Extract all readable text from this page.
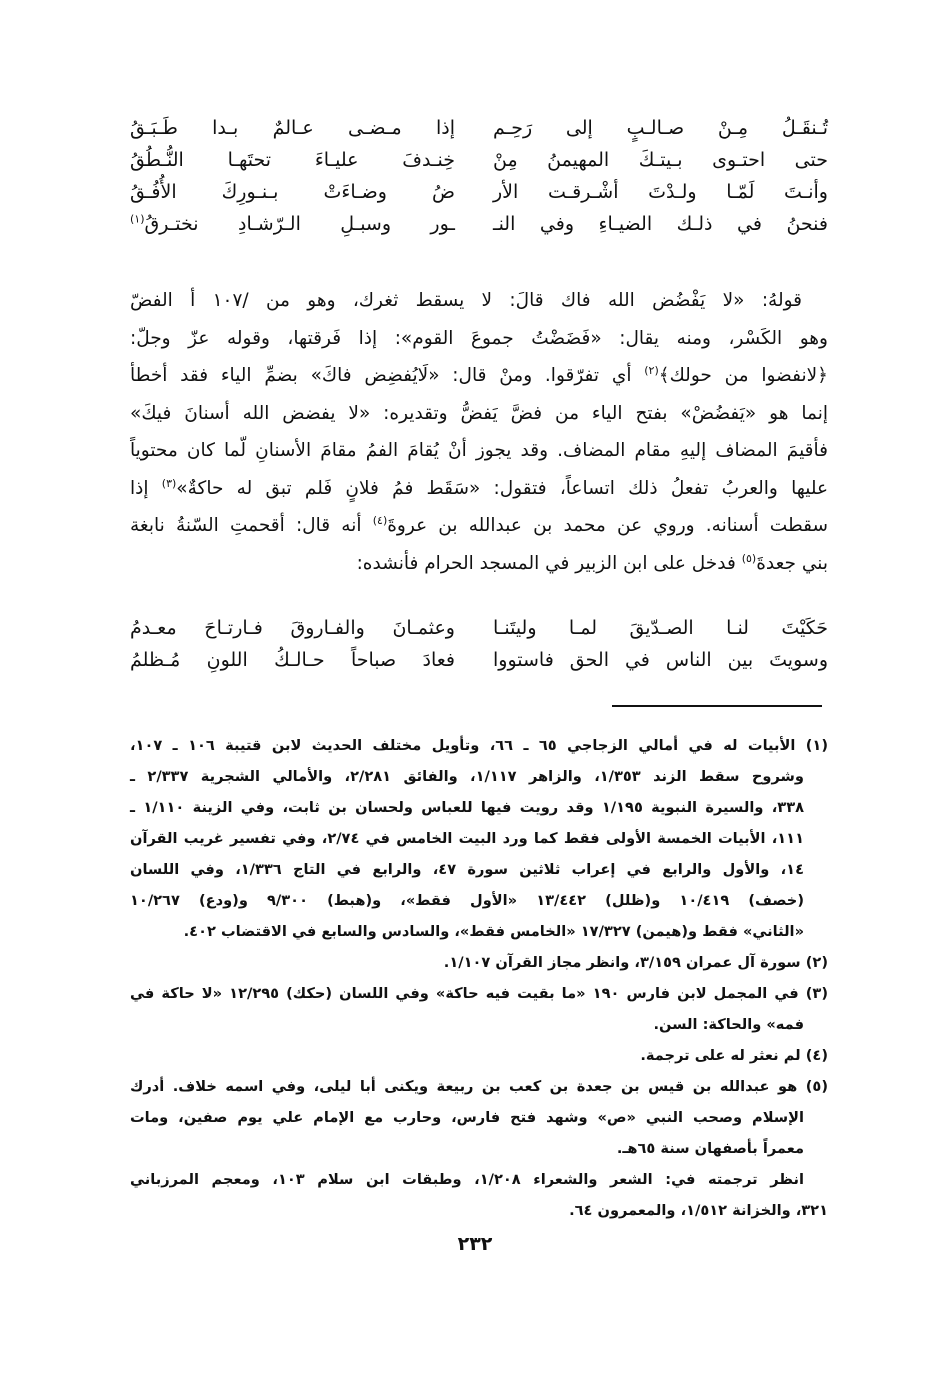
تُـنقَـلُ مِـنْ صـالـبٍ إلى رَحِـم
إذا مـضـى عـالمٌ بـدا طَـبَـقُ
حتى احتـوى بـيتـكَ المهيمنُ مِنْ
خِنـدفَ عليـاءَ تحتَهـا النُّـطُقُ
وأنـتَ لَمّـا ولـدْتَ أشْـرقـت الأر
ضُ وضـاءَتْ بـنـورِكَ الأُفُـقُ
فنحنُ في ذلـك الضيـاءِ وفي النـ
ـور وسبـلِ الـرّشـادِ نختـرقُ$^{(١)}$
قولهُ: «لا يَفْضُض الله فاك قالَ: لا يسقط ثغرك، وهو من /١٠٧ أ الفضّ
وهو الكَسْر، ومنه يقال: «فَضَضْتُ جموعَ القوم»: إذا فَرقتها، وقوله عزّ وجلّ:
﴿لانفضوا من حولك﴾$^{(٢)}$ أي تفرّقوا. ومنْ قال: «لَايُفضِض فاكَ» بضمِّ الياء فقد أخطأ
إنما هو «يَفضُضْ» بفتح الياء من فضَّ يَفضُّ وتقديره: «لا يفضض الله أسنانَ فيكَ»
فأقيمَ المضاف إليهِ مقام المضاف. وقد يجوز أنْ يُقامَ الفمُ مقامَ الأسنانِ لّما كان محتوياً
عليها والعربُ تفعلُ ذلك اتساعاً، فتقول: «سَقَط فمُ فلانٍ فَلم تبق له حاكةٌ»$^{(٣)}$ إذا
سقطت أسنانه. وروي عن محمد بن عبدالله بن عروةَ$^{(٤)}$ أنه قال: أقحمتِ السّنةُ نابغة
بني جعدةَ$^{(٥)}$ فدخل على ابن الزبير في المسجد الحرام فأنشده:
حَكَيْتَ لنـا الصـدّيقَ لمـا وليتَنـا
وعثمـانَ والفـاروقَ فـارتـاحَ معـدمُ
وسويتَ بين الناس في الحق فاستووا
فعادَ صباحاً حـالـكُ اللونِ مُـظلمُ
(١) الأبيات له في أمالي الزجاجي ٦٥ ـ ٦٦، وتأويل مختلف الحديث لابن قتيبة ١٠٦ ـ ١٠٧،
وشروح سقط الزند ١/٣٥٣، والزاهر ١/١١٧، والفائق ٢/٢٨١، والأمالي الشجرية ٢/٣٣٧ ـ
٣٣٨، والسيرة النبوية ١/١٩٥ وقد رويت فيها للعباس ولحسان بن ثابت، وفي الزينة ١/١١٠ ـ
١١١، الأبيات الخمسة الأولى فقط كما ورد البيت الخامس في ٢/٧٤، وفي تفسير غريب القرآن
١٤، والأول والرابع في إعراب ثلاثين سورة ٤٧، والرابع في التاج ١/٣٣٦، وفي اللسان
(خصف) ١٠/٤١٩ و(ظلل) ١٣/٤٤٢ «الأول فقط»، و(هبط) ٩/٣٠٠ و(ودع) ١٠/٢٦٧
«الثاني» فقط و(هيمن) ١٧/٣٢٧ «الخامس فقط»، والسادس والسابع في الاقتضاب ٤٠٢.
(٢) سورة آل عمران ٣/١٥٩، وانظر مجاز القرآن ١/١٠٧.
(٣) في المجمل لابن فارس ١٩٠ «ما بقيت فيه حاكة» وفي اللسان (حكك) ١٢/٢٩٥ «لا حاكة في
فمه» والحاكة: السن.
(٤) لم نعثر له على ترجمة.
(٥) هو عبدالله بن قيس بن جعدة بن كعب بن ربيعة ويكنى أبا ليلى، وفي اسمه خلاف. أدرك
الإسلام وصحب النبي «ص» وشهد فتح فارس، وحارب مع الإمام علي يوم صفين، ومات
معمراً بأصفهان سنة ٦٥هـ.
انظر ترجمته في: الشعر والشعراء ١/٢٠٨، وطبقات ابن سلام ١٠٣، ومعجم المرزباني
٣٢١، والخزانة ١/٥١٢، والمعمرون ٦٤.
٢٣٢
